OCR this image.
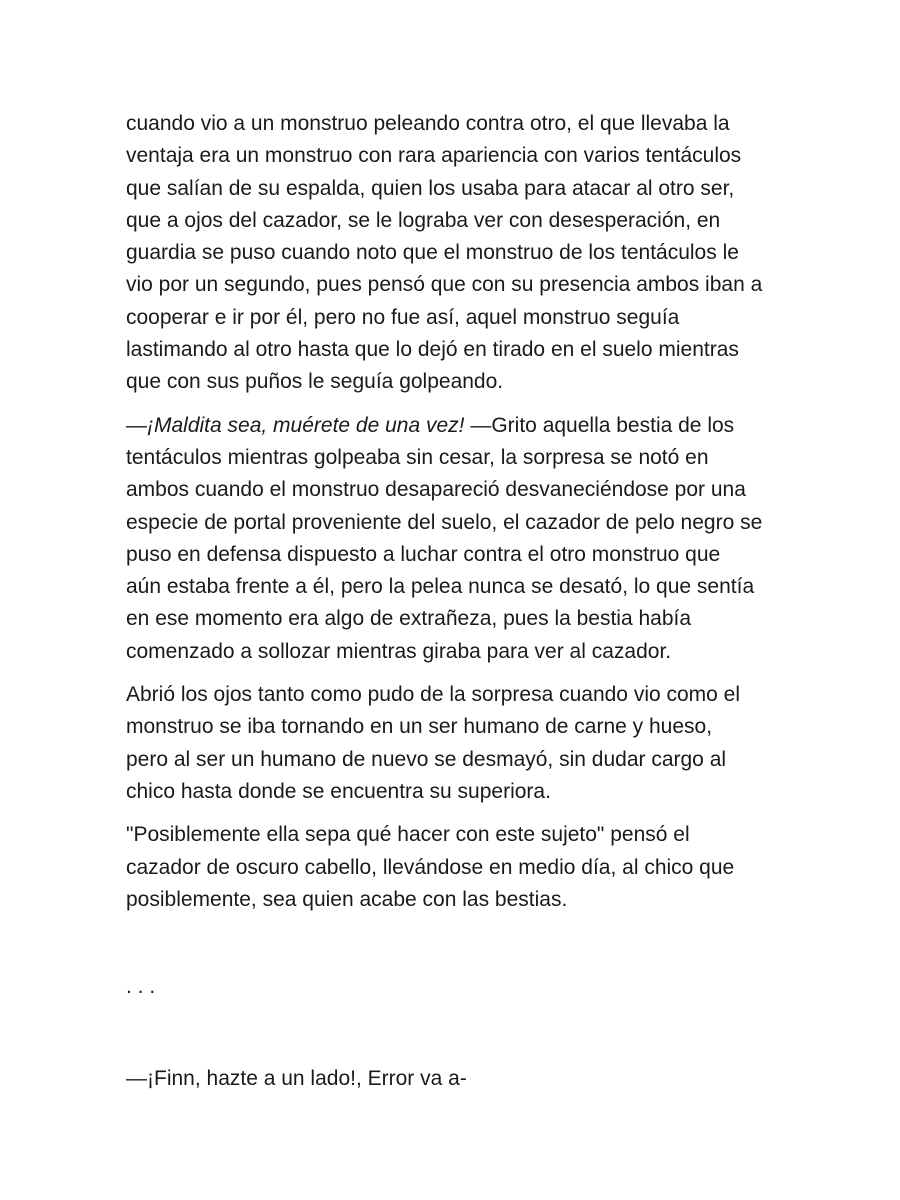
cuando vio a un monstruo peleando contra otro, el que llevaba la
ventaja era un monstruo con rara apariencia con varios tentáculos
que salían de su espalda, quien los usaba para atacar al otro ser,
que a ojos del cazador, se le lograba ver con desesperación, en
guardia se puso cuando noto que el monstruo de los tentáculos le
vio por un segundo, pues pensó que con su presencia ambos iban a
cooperar e ir por él, pero no fue así, aquel monstruo seguía
lastimando al otro hasta que lo dejó en tirado en el suelo mientras
que con sus puños le seguía golpeando.
—¡Maldita sea, muérete de una vez! —Grito aquella bestia de los
tentáculos mientras golpeaba sin cesar, la sorpresa se notó en
ambos cuando el monstruo desapareció desvaneciéndose por una
especie de portal proveniente del suelo, el cazador de pelo negro se
puso en defensa dispuesto a luchar contra el otro monstruo que
aún estaba frente a él, pero la pelea nunca se desató, lo que sentía
en ese momento era algo de extrañeza, pues la bestia había
comenzado a sollozar mientras giraba para ver al cazador.
Abrió los ojos tanto como pudo de la sorpresa cuando vio como el
monstruo se iba tornando en un ser humano de carne y hueso,
pero al ser un humano de nuevo se desmayó, sin dudar cargo al
chico hasta donde se encuentra su superiora.
"Posiblemente ella sepa qué hacer con este sujeto" pensó el
cazador de oscuro cabello, llevándose en medio día, al chico que
posiblemente, sea quien acabe con las bestias.
. . .
—¡Finn, hazte a un lado!, Error va a-
